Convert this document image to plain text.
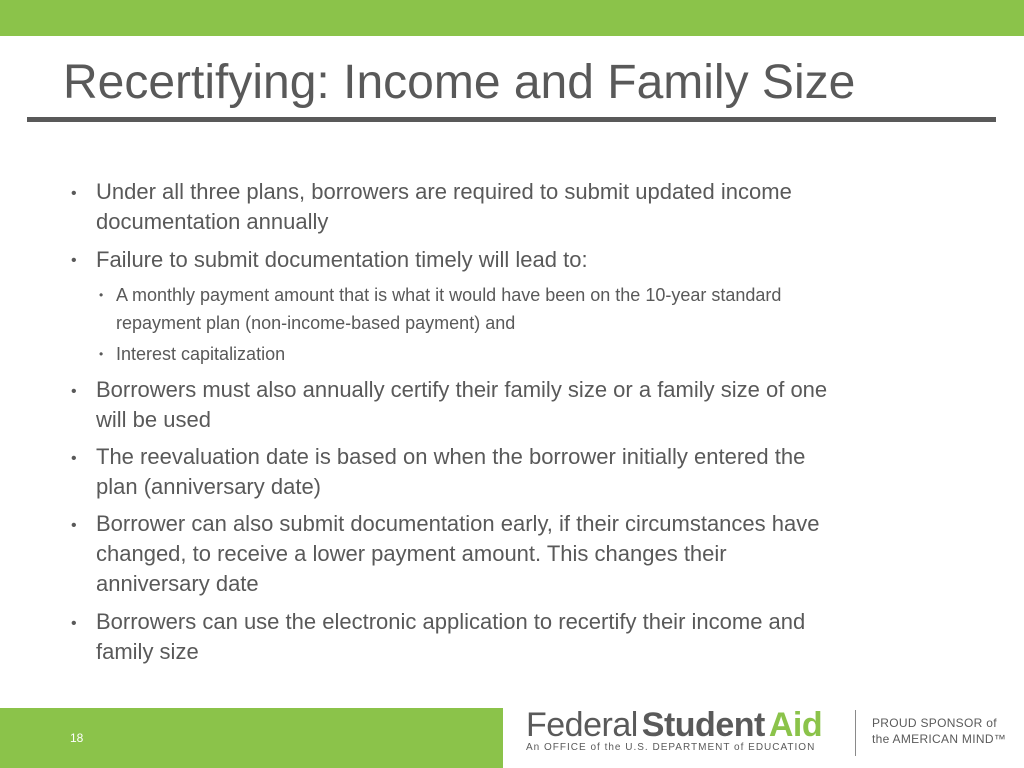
Recertifying: Income and Family Size
• Under all three plans, borrowers are required to submit updated income
documentation annually
• Failure to submit documentation timely will lead to:
• A monthly payment amount that is what it would have been on the 10-year standard
repayment plan (non-income-based payment) and
• Interest capitalization
• Borrowers must also annually certify their family size or a family size of one
will be used
• The reevaluation date is based on when the borrower initially entered the
plan (anniversary date)
• Borrower can also submit documentation early, if their circumstances have
changed, to receive a lower payment amount. This changes their
anniversary date
• Borrowers can use the electronic application to recertify their income and
family size
18	Federal Student Aid
An OFFICE of the U.S. DEPARTMENT of EDUCATION
PROUD SPONSOR of
the AMERICAN MIND™
